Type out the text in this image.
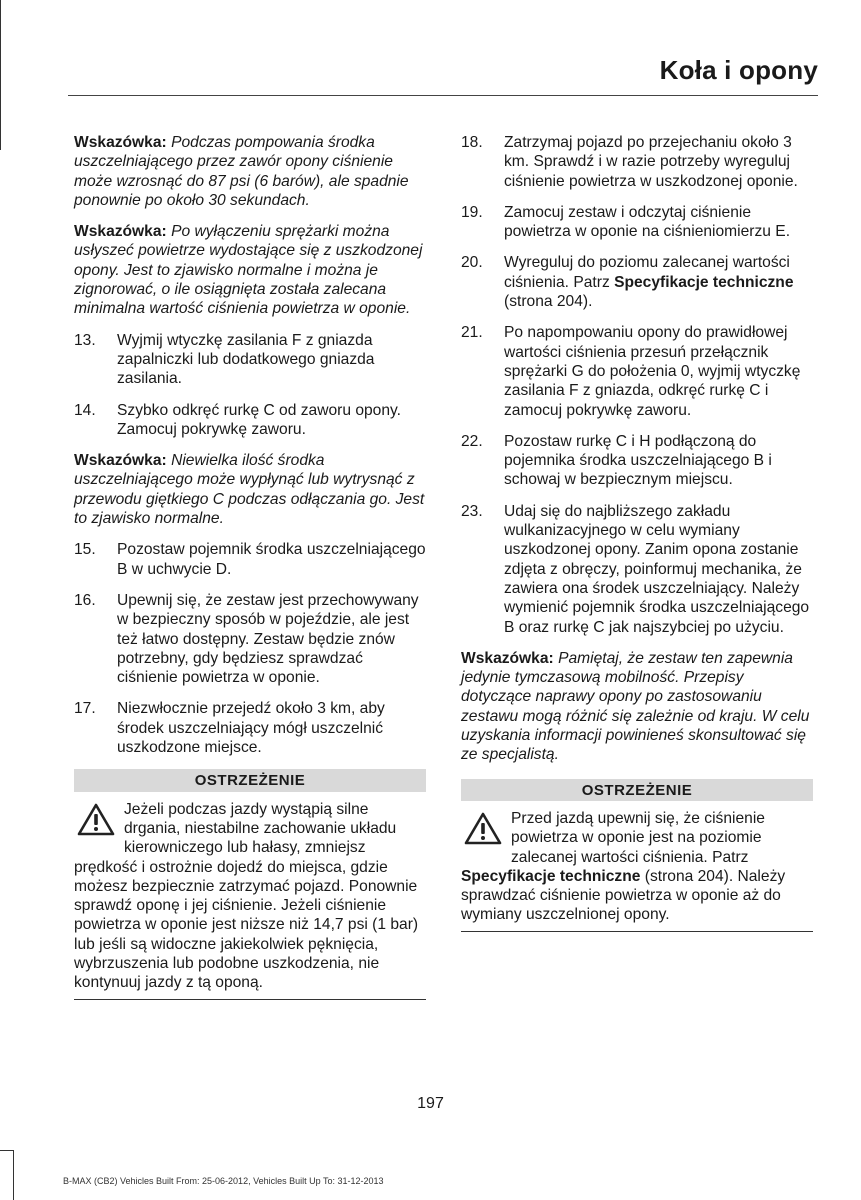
Koła i opony

Wskazówka: Podczas pompowania środka uszczelniającego przez zawór opony ciśnienie może wzrosnąć do 87 psi (6 barów), ale spadnie ponownie po około 30 sekundach.

Wskazówka: Po wyłączeniu sprężarki można usłyszeć powietrze wydostające się z uszkodzonej opony. Jest to zjawisko normalne i można je zignorować, o ile osiągnięta została zalecana minimalna wartość ciśnienia powietrza w oponie.

13.	Wyjmij wtyczkę zasilania F z gniazda zapalniczki lub dodatkowego gniazda zasilania.
14.	Szybko odkręć rurkę C od zaworu opony. Zamocuj pokrywkę zaworu.

Wskazówka: Niewielka ilość środka uszczelniającego może wypłynąć lub wytrysnąć z przewodu giętkiego C podczas odłączania go. Jest to zjawisko normalne.

15.	Pozostaw pojemnik środka uszczelniającego B w uchwycie D.
16.	Upewnij się, że zestaw jest przechowywany w bezpieczny sposób w pojeździe, ale jest też łatwo dostępny. Zestaw będzie znów potrzebny, gdy będziesz sprawdzać ciśnienie powietrza w oponie.
17.	Niezwłocznie przejedź około 3 km, aby środek uszczelniający mógł uszczelnić uszkodzone miejsce.
OSTRZEŻENIE
Jeżeli podczas jazdy wystąpią silne drgania, niestabilne zachowanie układu kierowniczego lub hałasy, zmniejsz prędkość i ostrożnie dojedź do miejsca, gdzie możesz bezpiecznie zatrzymać pojazd. Ponownie sprawdź oponę i jej ciśnienie. Jeżeli ciśnienie powietrza w oponie jest niższe niż 14,7 psi (1 bar) lub jeśli są widoczne jakiekolwiek pęknięcia, wybrzuszenia lub podobne uszkodzenia, nie kontynuuj jazdy z tą oponą.
18.	Zatrzymaj pojazd po przejechaniu około 3 km. Sprawdź i w razie potrzeby wyreguluj ciśnienie powietrza w uszkodzonej oponie.
19.	Zamocuj zestaw i odczytaj ciśnienie powietrza w oponie na ciśnieniomierzu E.
20.	Wyreguluj do poziomu zalecanej wartości ciśnienia. Patrz Specyfikacje techniczne (strona 204).
21.	Po napompowaniu opony do prawidłowej wartości ciśnienia przesuń przełącznik sprężarki G do położenia 0, wyjmij wtyczkę zasilania F z gniazda, odkręć rurkę C i zamocuj pokrywkę zaworu.
22.	Pozostaw rurkę C i H podłączoną do pojemnika środka uszczelniającego B i schowaj w bezpiecznym miejscu.
23.	Udaj się do najbliższego zakładu wulkanizacyjnego w celu wymiany uszkodzonej opony. Zanim opona zostanie zdjęta z obręczy, poinformuj mechanika, że zawiera ona środek uszczelniający. Należy wymienić pojemnik środka uszczelniającego B oraz rurkę C jak najszybciej po użyciu.

Wskazówka: Pamiętaj, że zestaw ten zapewnia jedynie tymczasową mobilność. Przepisy dotyczące naprawy opony po zastosowaniu zestawu mogą różnić się zależnie od kraju. W celu uzyskania informacji powinieneś skonsultować się ze specjalistą.

OSTRZEŻENIE
Przed jazdą upewnij się, że ciśnienie powietrza w oponie jest na poziomie zalecanej wartości ciśnienia. Patrz Specyfikacje techniczne (strona 204). Należy sprawdzać ciśnienie powietrza w oponie aż do wymiany uszczelnionej opony.
197
B-MAX (CB2) Vehicles Built From: 25-06-2012, Vehicles Built Up To: 31-12-2013
